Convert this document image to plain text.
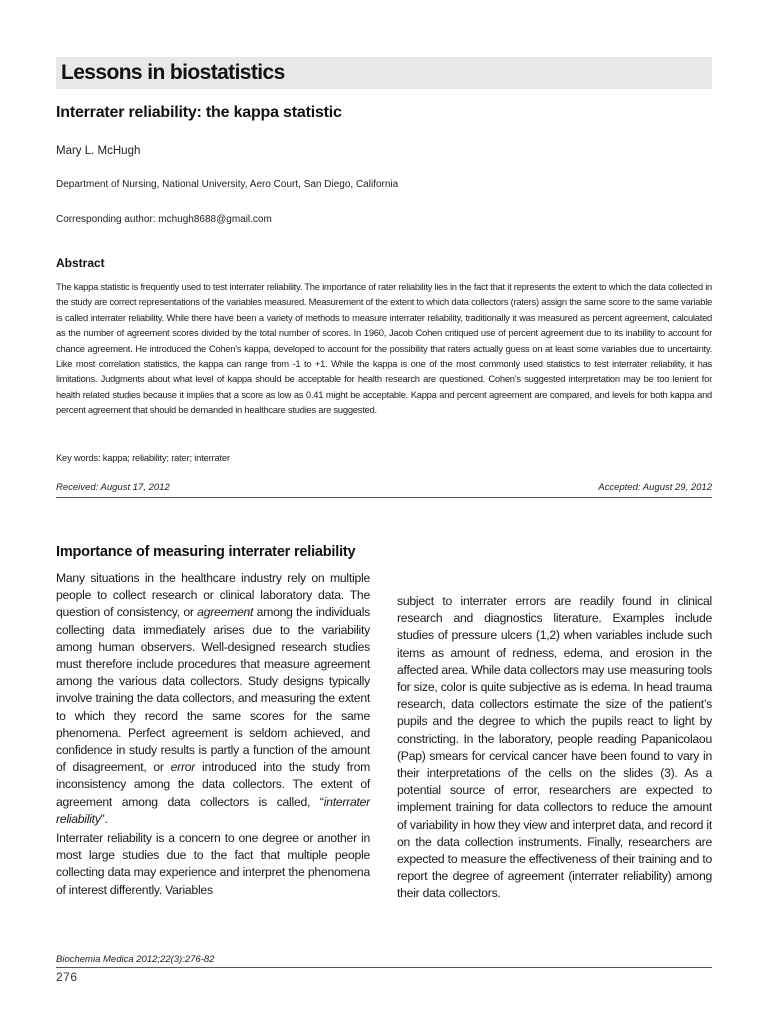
Lessons in biostatistics
Interrater reliability: the kappa statistic
Mary L. McHugh
Department of Nursing, National University, Aero Court, San Diego, California
Corresponding author: mchugh8688@gmail.com
Abstract

The kappa statistic is frequently used to test interrater reliability. The importance of rater reliability lies in the fact that it represents the extent to which the data collected in the study are correct representations of the variables measured. Measurement of the extent to which data collectors (raters) assign the same score to the same variable is called interrater reliability. While there have been a variety of methods to measure interrater reliability, traditionally it was measured as percent agreement, calculated as the number of agreement scores divided by the total number of scores. In 1960, Jacob Cohen critiqued use of percent agreement due to its inability to account for chance agreement. He introduced the Cohen’s kappa, developed to account for the possibility that raters actually guess on at least some variables due to uncertainty. Like most correlation statistics, the kappa can range from -1 to +1. While the kappa is one of the most commonly used statistics to test interrater reliability, it has limitations. Judgments about what level of kappa should be acceptable for health research are questioned. Cohen’s suggested interpretation may be too lenient for health related studies because it implies that a score as low as 0.41 might be acceptable. Kappa and percent agreement are compared, and levels for both kappa and percent agreement that should be demanded in healthcare studies are suggested.

Key words: kappa; reliability; rater; interrater
Received: August 17, 2012	Accepted: August 29, 2012
Importance of measuring interrater reliability

Many situations in the healthcare industry rely on multiple people to collect research or clinical laboratory data. The question of consistency, or agreement among the individuals collecting data immediately arises due to the variability among human observers. Well-designed research studies must therefore include procedures that measure agreement among the various data collectors. Study designs typically involve training the data collectors, and measuring the extent to which they record the same scores for the same phenomena. Perfect agreement is seldom achieved, and confidence in study results is partly a function of the amount of disagreement, or error introduced into the study from inconsistency among the data collectors. The extent of agreement among data collectors is called, “interrater reliability”.

Interrater reliability is a concern to one degree or another in most large studies due to the fact that multiple people collecting data may experience and interpret the phenomena of interest differently. Variables

subject to interrater errors are readily found in clinical research and diagnostics literature. Examples include studies of pressure ulcers (1,2) when variables include such items as amount of redness, edema, and erosion in the affected area. While data collectors may use measuring tools for size, color is quite subjective as is edema. In head trauma research, data collectors estimate the size of the patient’s pupils and the degree to which the pupils react to light by constricting. In the laboratory, people reading Papanicolaou (Pap) smears for cervical cancer have been found to vary in their interpretations of the cells on the slides (3). As a potential source of error, researchers are expected to implement training for data collectors to reduce the amount of variability in how they view and interpret data, and record it on the data collection instruments. Finally, researchers are expected to measure the effectiveness of their training and to report the degree of agreement (interrater reliability) among their data collectors.

Biochemia Medica 2012;22(3):276-82
276
